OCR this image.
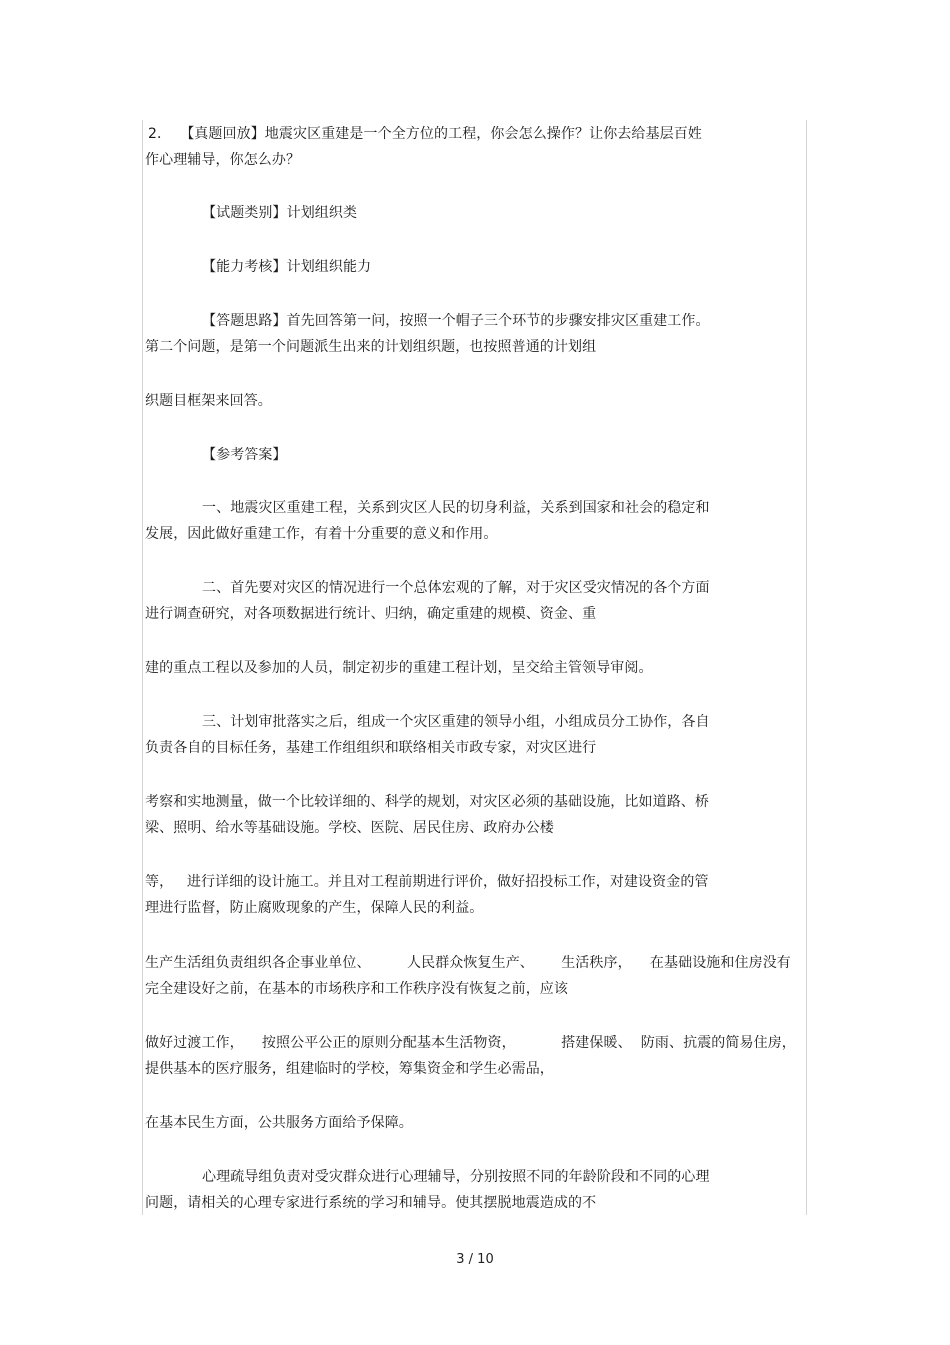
2．  【真题回放】地震灾区重建是一个全方位的工程，你会怎么操作？让你去给基层百姓
作心理辅导，你怎么办？
【试题类别】计划组织类
【能力考核】计划组织能力
【答题思路】首先回答第一问，按照一个帽子三个环节的步骤安排灾区重建工作。
第二个问题，是第一个问题派生出来的计划组织题，也按照普通的计划组
织题目框架来回答。
【参考答案】
一、地震灾区重建工程，关系到灾区人民的切身利益，关系到国家和社会的稳定和
发展，因此做好重建工作，有着十分重要的意义和作用。
二、首先要对灾区的情况进行一个总体宏观的了解，对于灾区受灾情况的各个方面
进行调查研究，对各项数据进行统计、归纳，确定重建的规模、资金、重
建的重点工程以及参加的人员，制定初步的重建工程计划，呈交给主管领导审阅。
三、计划审批落实之后，组成一个灾区重建的领导小组，小组成员分工协作，各自
负责各自的目标任务，基建工作组组织和联络相关市政专家，对灾区进行
考察和实地测量，做一个比较详细的、科学的规划，对灾区必须的基础设施，比如道路、桥
梁、照明、给水等基础设施。学校、医院、居民住房、政府办公楼
等，   进行详细的设计施工。并且对工程前期进行评价，做好招投标工作，对建设资金的管
理进行监督，防止腐败现象的产生，保障人民的利益。
生产生活组负责组织各企事业单位、        人民群众恢复生产、      生活秩序，    在基础设施和住房没有
完全建设好之前，在基本的市场秩序和工作秩序没有恢复之前，应该
做好过渡工作，    按照公平公正的原则分配基本生活物资，          搭建保暖、  防雨、抗震的简易住房，
提供基本的医疗服务，组建临时的学校，筹集资金和学生必需品，
在基本民生方面，公共服务方面给予保障。
心理疏导组负责对受灾群众进行心理辅导，分别按照不同的年龄阶段和不同的心理
问题，请相关的心理专家进行系统的学习和辅导。使其摆脱地震造成的不
3 / 10
